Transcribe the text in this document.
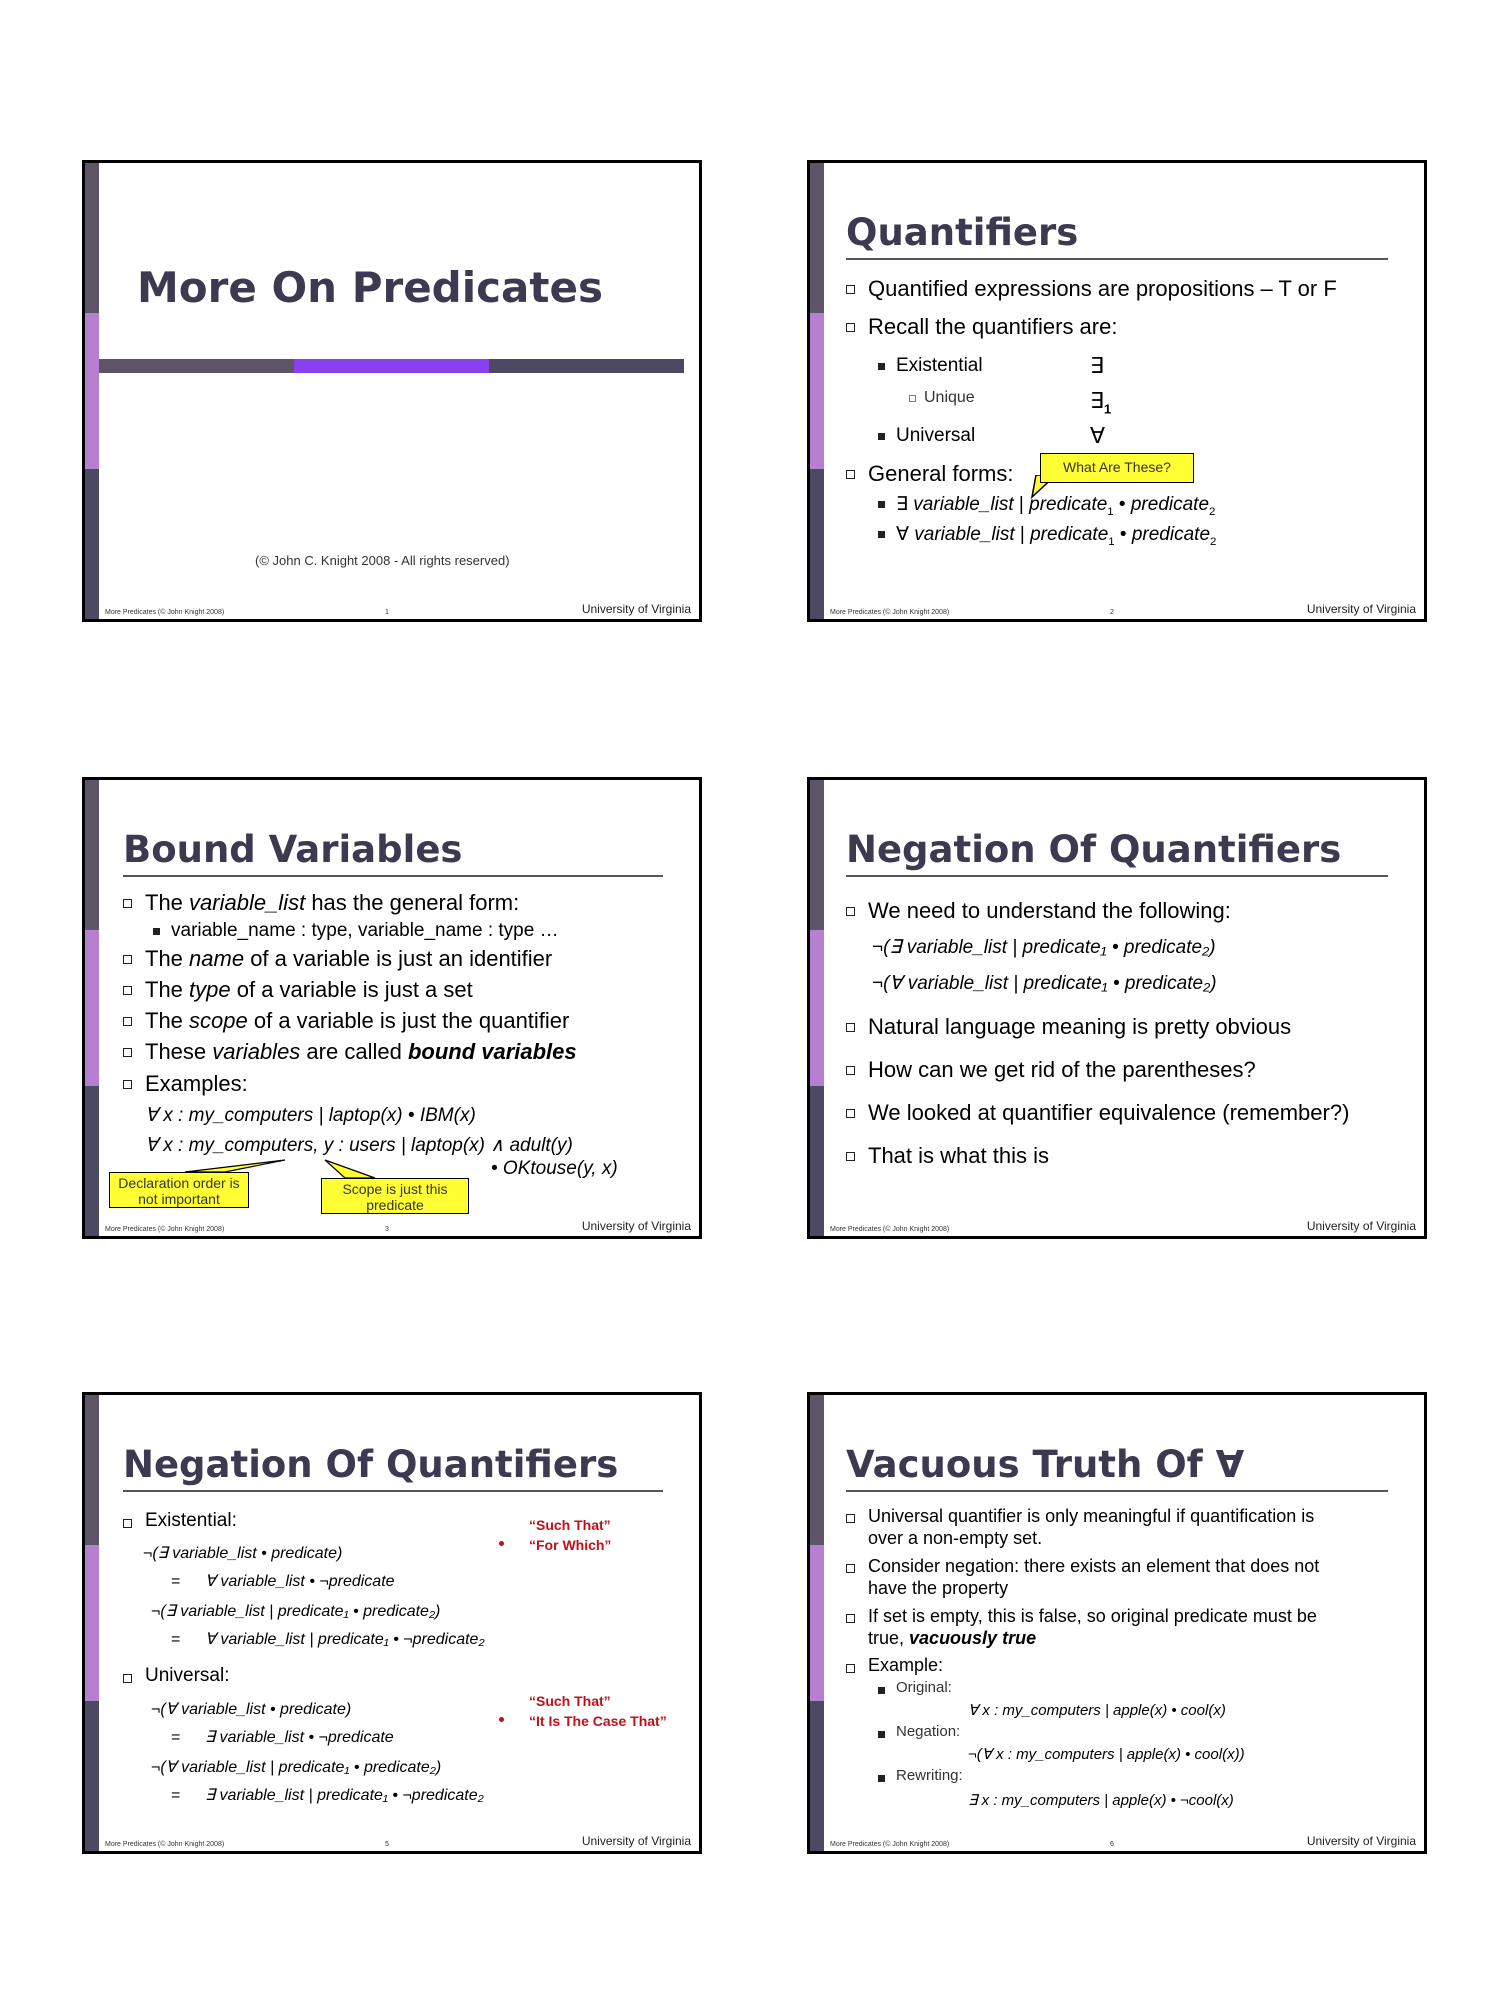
More On Predicates
(© John C. Knight 2008 - All rights reserved)
More Predicates (© John Knight 2008)	1	University of Virginia
Quantifiers
Quantified expressions are propositions – T or F
Recall the quantifiers are:
Existential	∃
Unique	$\exists_1$
Universal	∀
General forms:	What Are These?
∃ variable_list | predicate$_1$ • predicate$_2$
∀ variable_list | predicate$_1$ • predicate$_2$
More Predicates (© John Knight 2008)	2	University of Virginia
Bound Variables
The variable_list has the general form:
variable_name : type, variable_name : type …
The name of a variable is just an identifier
The type of a variable is just a set
The scope of a variable is just the quantifier
These variables are called bound variables
Examples:
∀ x : my_computers | laptop(x) • IBM(x)
∀ x : my_computers, y : users | laptop(x) ∧ adult(y)
• OKtouse(y, x)
Declaration order is not important
Scope is just this predicate
More Predicates (© John Knight 2008)	3	University of Virginia
Negation Of Quantifiers
We need to understand the following:
¬(∃ variable_list | predicate₁ • predicate₂)
¬(∀ variable_list | predicate₁ • predicate₂)
Natural language meaning is pretty obvious
How can we get rid of the parentheses?
We looked at quantifier equivalence (remember?)
That is what this is
More Predicates (© John Knight 2008)	University of Virginia
Negation Of Quantifiers
Existential:
¬(∃ variable_list • predicate)
= ∀ variable_list • ¬predicate
¬(∃ variable_list | predicate₁ • predicate₂)
= ∀ variable_list | predicate₁ • ¬predicate₂
Universal:
¬(∀ variable_list • predicate)
= ∃ variable_list • ¬predicate
¬(∀ variable_list | predicate₁ • predicate₂)
= ∃ variable_list | predicate₁ • ¬predicate₂
“Such That”
“For Which”
“Such That”
“It Is The Case That”
More Predicates (© John Knight 2008)	5	University of Virginia
Vacuous Truth Of ∀
Universal quantifier is only meaningful if quantification is
over a non-empty set.
Consider negation: there exists an element that does not
have the property
If set is empty, this is false, so original predicate must be
true, vacuously true
Example:
Original:
∀ x : my_computers | apple(x) • cool(x)
Negation:
¬(∀ x : my_computers | apple(x) • cool(x))
Rewriting:
∃ x : my_computers | apple(x) • ¬cool(x)
More Predicates (© John Knight 2008)	6	University of Virginia
